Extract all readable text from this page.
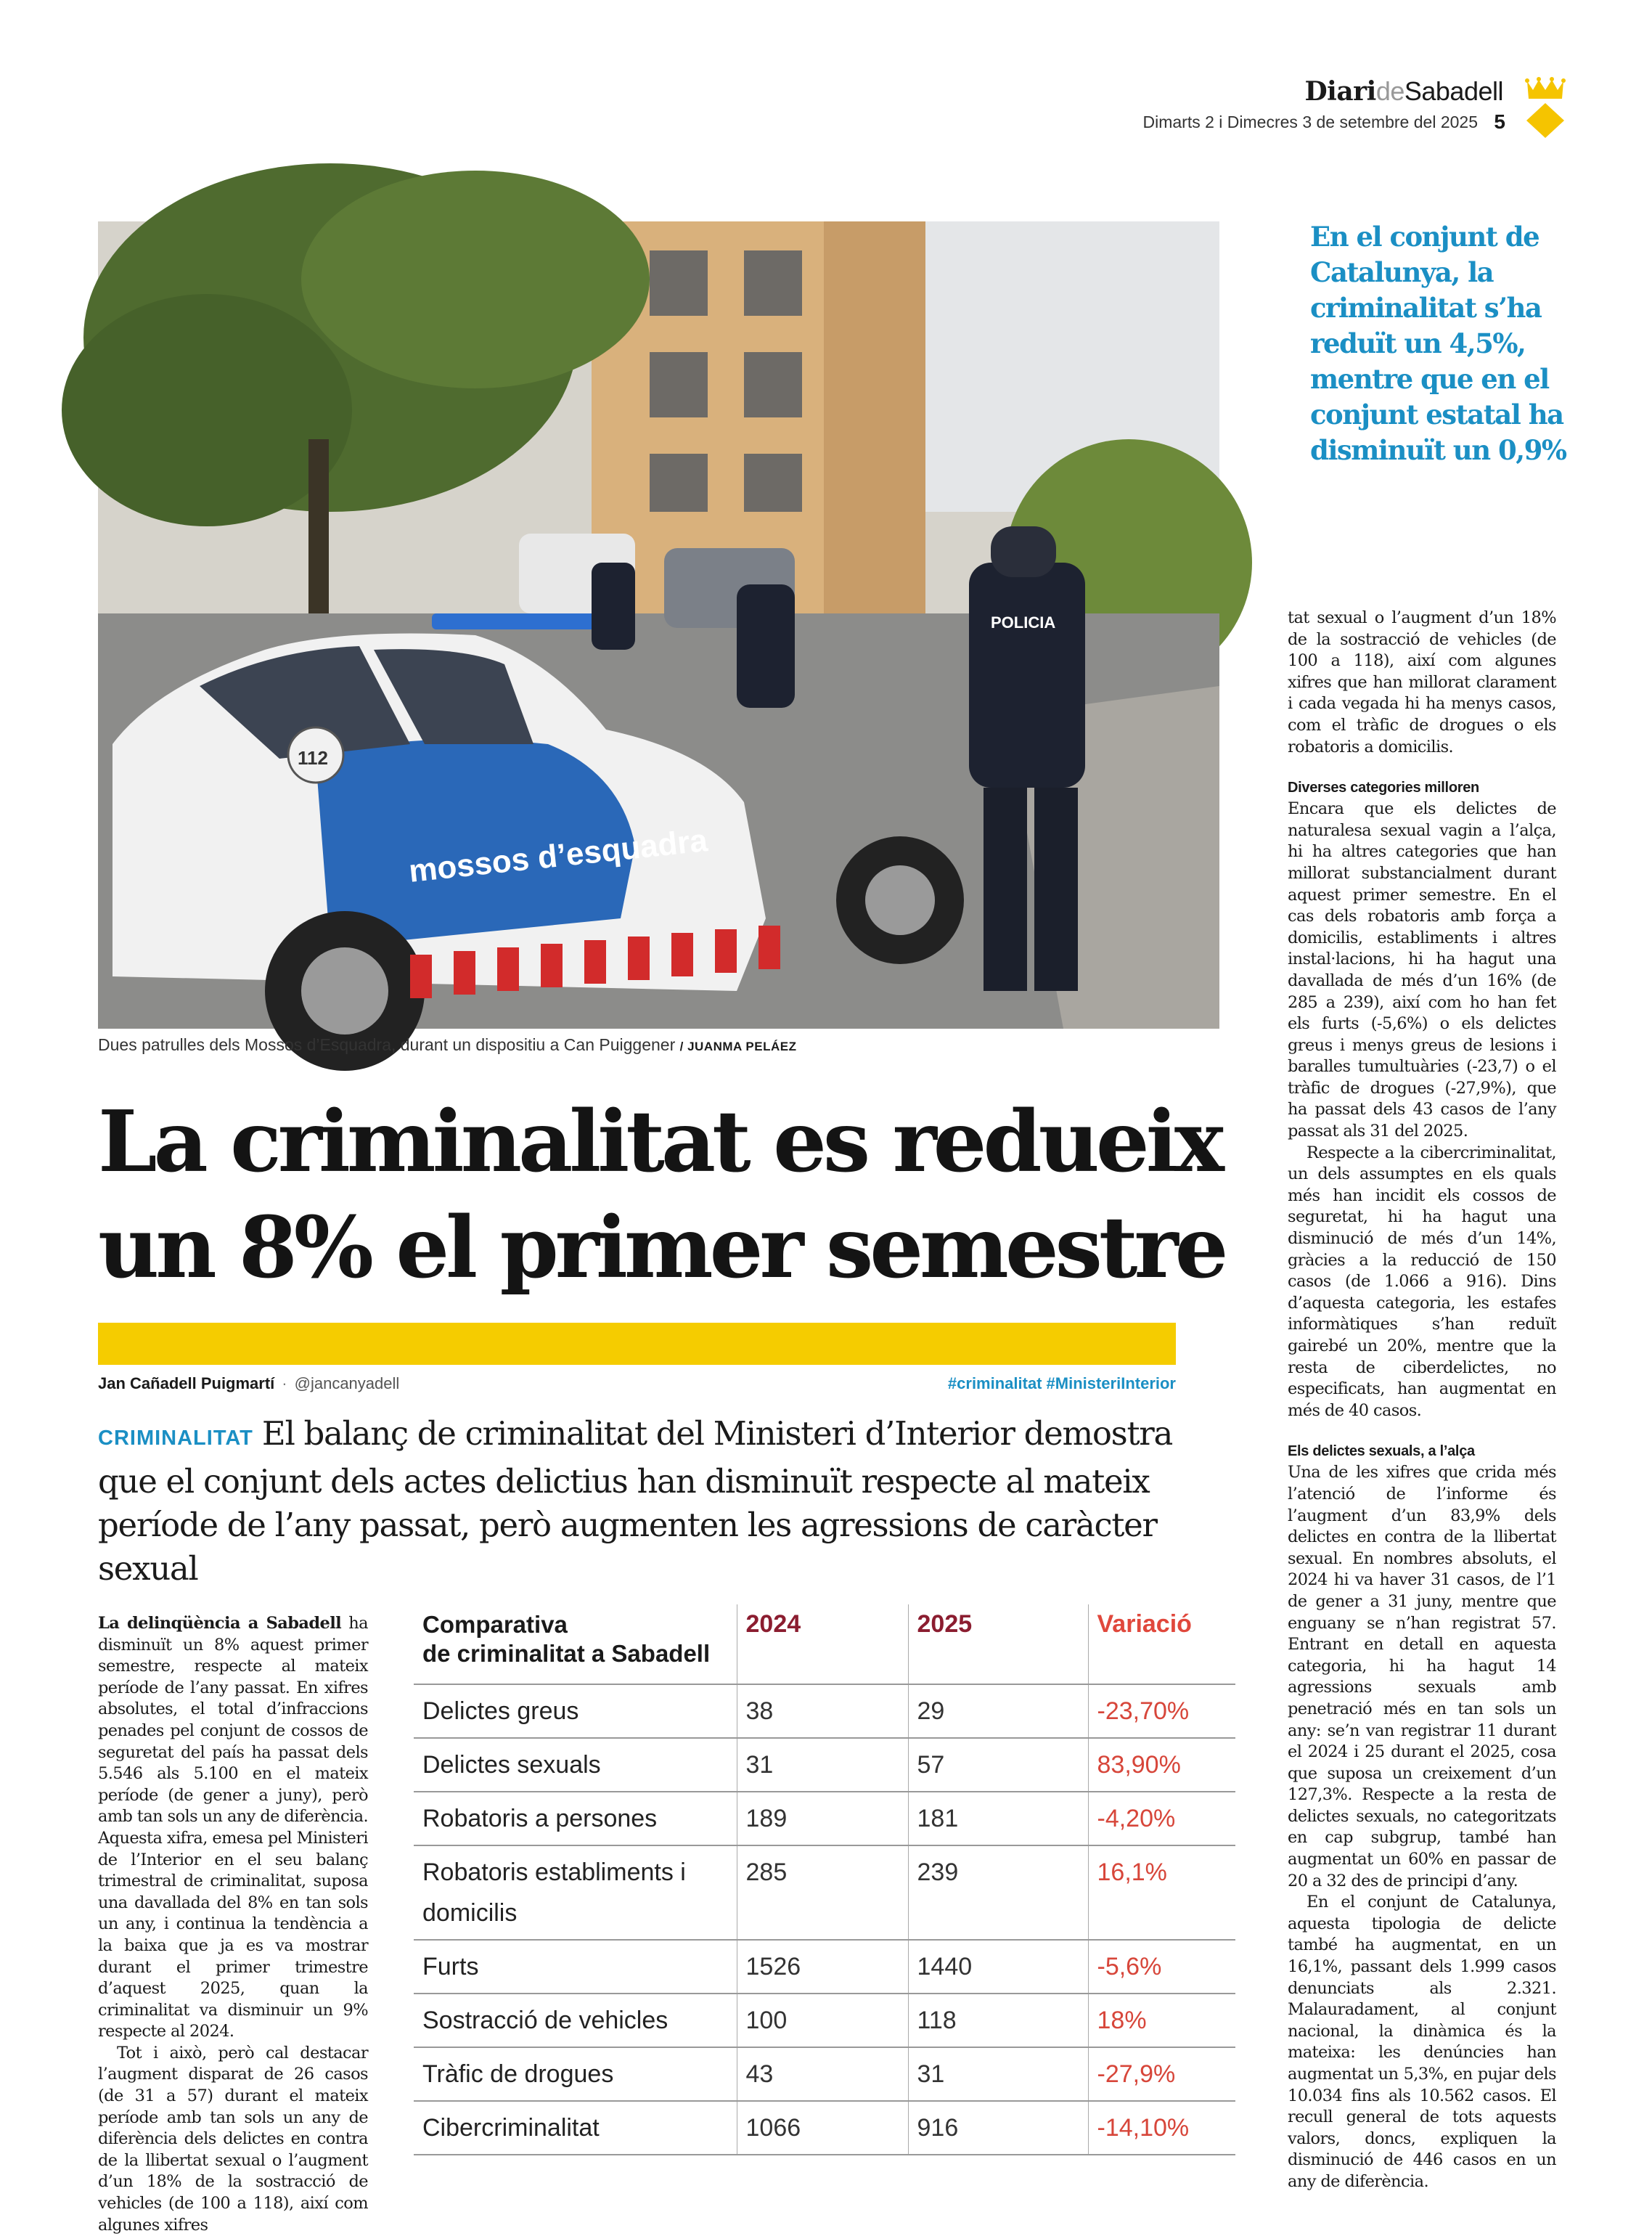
DiarideSabadell
Dimarts 2 i Dimecres 3 de setembre del 2025 5
mossos d’esquadra
112
POLICIA
Dues patrulles dels Mossos d’Esquadra, durant un dispositiu a Can Puiggener / JUANMA PELÁEZ
La criminalitat es redueix
un 8% el primer semestre
Jan Cañadell Puigmartí · @jancanyadell	#criminalitat #MinisteriInterior
CRIMINALITAT El balanç de criminalitat del Ministeri d’Interior demostra que el conjunt dels actes delictius han disminuït respecte al mateix període de l’any passat, però augmenten les agressions de caràcter sexual
En el conjunt de Catalunya, la criminalitat s’ha reduït un 4,5%, mentre que en el conjunt estatal ha disminuït un 0,9%

La delinqüència a Sabadell ha disminuït un 8% aquest primer semestre, respecte al mateix període de l’any passat. En xifres absolutes, el total d’infraccions penades pel conjunt de cossos de seguretat del país ha passat dels 5.546 als 5.100 en el mateix període (de gener a juny), però amb tan sols un any de diferència. Aquesta xifra, emesa pel Ministeri de l’Interior en el seu balanç trimestral de criminalitat, suposa una davallada del 8% en tan sols un any, i continua la tendència a la baixa que ja es va mostrar durant el primer trimestre d’aquest 2025, quan la criminalitat va disminuir un 9% respecte al 2024.

Tot i això, però cal destacar l’augment disparat de 26 casos (de 31 a 57) durant el mateix període amb tan sols un any de diferència dels delictes en contra de la llibertat sexual o l’augment d’un 18% de la sostracció de vehicles (de 100 a 118), així com algunes xifres

tat sexual o l’augment d’un 18% de la sostracció de vehicles (de 100 a 118), així com algunes xifres que han millorat clarament i cada vegada hi ha menys casos, com el tràfic de drogues o els robatoris a domicilis.

Diverses categories milloren

Encara que els delictes de naturalesa sexual vagin a l’alça, hi ha altres categories que han millorat substancialment durant aquest primer semestre. En el cas dels robatoris amb força a domicilis, establiments i altres instal·lacions, hi ha hagut una davallada de més d’un 16% (de 285 a 239), així com ho han fet els furts (-5,6%) o els delictes greus i menys greus de lesions i baralles tumultuàries (-23,7) o el tràfic de drogues (-27,9%), que ha passat dels 43 casos de l’any passat als 31 del 2025.

Respecte a la cibercriminalitat, un dels assumptes en els quals més han incidit els cossos de seguretat, hi ha hagut una disminució de més d’un 14%, gràcies a la reducció de 150 casos (de 1.066 a 916). Dins d’aquesta categoria, les estafes informàtiques s’han reduït gairebé un 20%, mentre que la resta de ciberdelictes, no especificats, han augmentat en més de 40 casos.

Els delictes sexuals, a l’alça

Una de les xifres que crida més l’atenció de l’informe és l’augment d’un 83,9% dels delictes en contra de la llibertat sexual. En nombres absoluts, el 2024 hi va haver 31 casos, de l’1 de gener a 31 juny, mentre que enguany se n’han registrat 57. Entrant en detall en aquesta categoria, hi ha hagut 14 agressions sexuals amb penetració més en tan sols un any: se’n van registrar 11 durant el 2024 i 25 durant el 2025, cosa que suposa un creixement d’un 127,3%. Respecte a la resta de delictes sexuals, no categoritzats en cap subgrup, també han augmentat un 60% en passar de 20 a 32 des de principi d’any.

En el conjunt de Catalunya, aquesta tipologia de delicte també ha augmentat, en un 16,1%, passant dels 1.999 casos denunciats als 2.321. Malauradament, al conjunt nacional, la dinàmica és la mateixa: les denúncies han augmentat un 5,3%, en pujar dels 10.034 fins als 10.562 casos. El recull general de tots aquests valors, doncs, expliquen la disminució de 446 casos en un any de diferència.

Comparativa
de criminalitat a Sabadell	2024	2025	Variació
Delictes greus	38	29	-23,70%
Delictes sexuals	31	57	83,90%
Robatoris a persones	189	181	-4,20%
Robatoris establiments i domicilis	285	239	16,1%
Furts	1526	1440	-5,6%
Sostracció de vehicles	100	118	18%
Tràfic de drogues	43	31	-27,9%
Cibercriminalitat	1066	916	-14,10%
